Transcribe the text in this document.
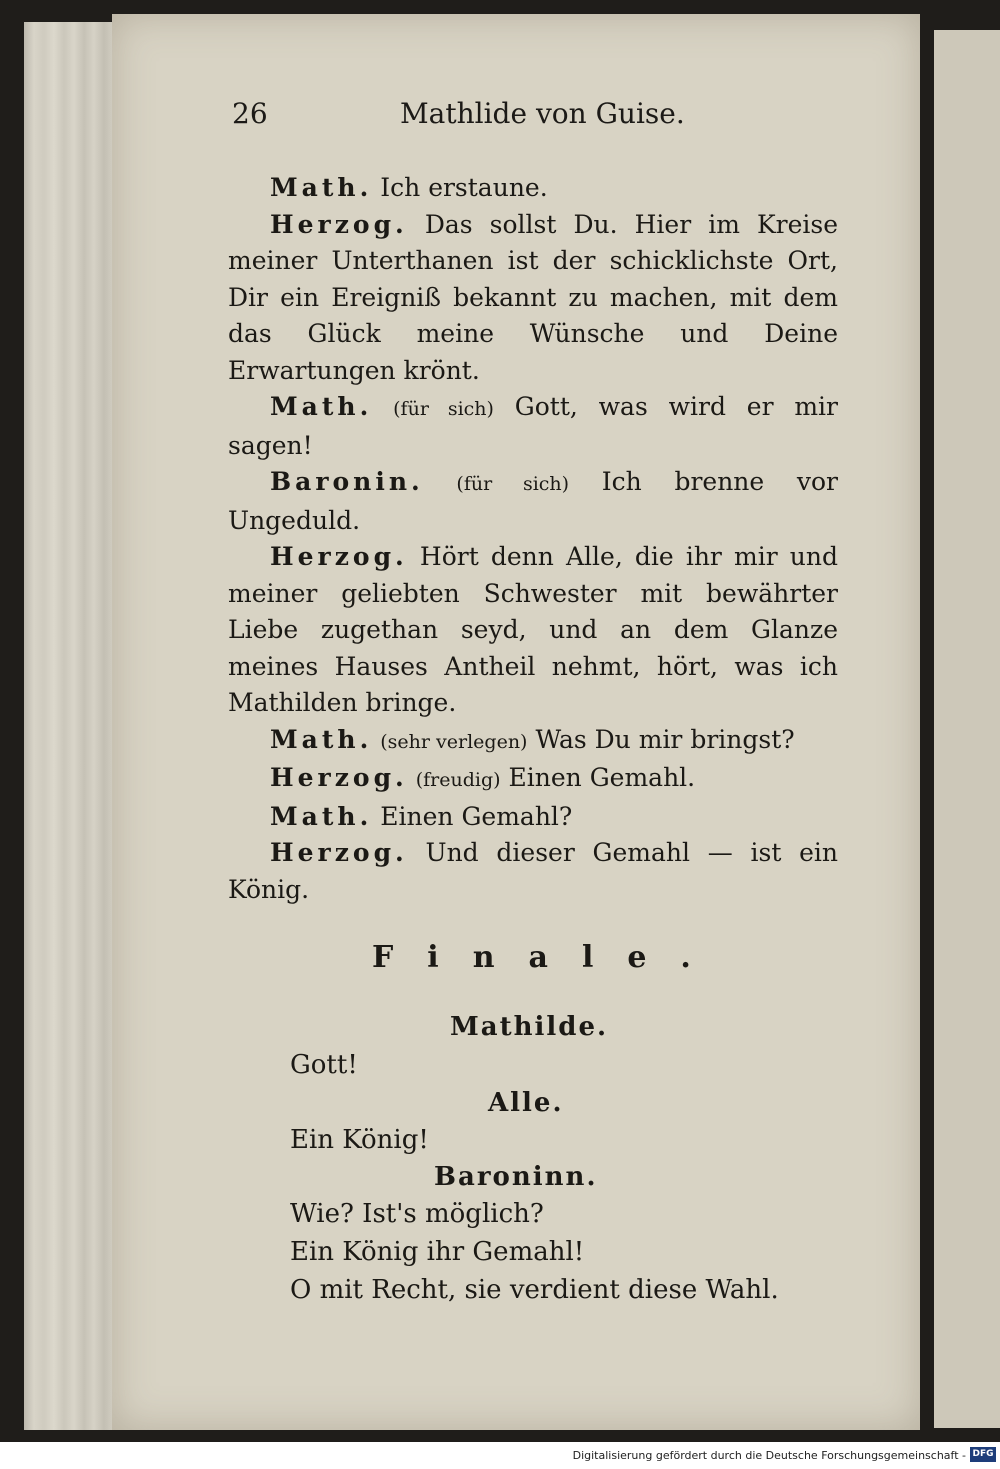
26	Mathlide von Guise.

Math. Ich erstaune.

Herzog. Das sollst Du. Hier im Kreise meiner Unterthanen ist der schicklichste Ort, Dir ein Ereigniß bekannt zu machen, mit dem das Glück meine Wünsche und Deine Erwartungen krönt.

Math. (für sich) Gott, was wird er mir sagen!

Baronin. (für sich) Ich brenne vor Ungeduld.

Herzog. Hört denn Alle, die ihr mir und meiner geliebten Schwester mit bewährter Liebe zugethan seyd, und an dem Glanze meines Hauses Antheil nehmt, hört, was ich Mathilden bringe.

Math. (sehr verlegen) Was Du mir bringst?

Herzog. (freudig) Einen Gemahl.

Math. Einen Gemahl?

Herzog. Und dieser Gemahl — ist ein König.

Finale.
Mathilde.
Gott!
Alle.
Ein König!
Baroninn.
Wie? Ist's möglich?
Ein König ihr Gemahl!
O mit Recht, sie verdient diese Wahl.
Digitalisierung gefördert durch die Deutsche Forschungsgemeinschaft - DFG
